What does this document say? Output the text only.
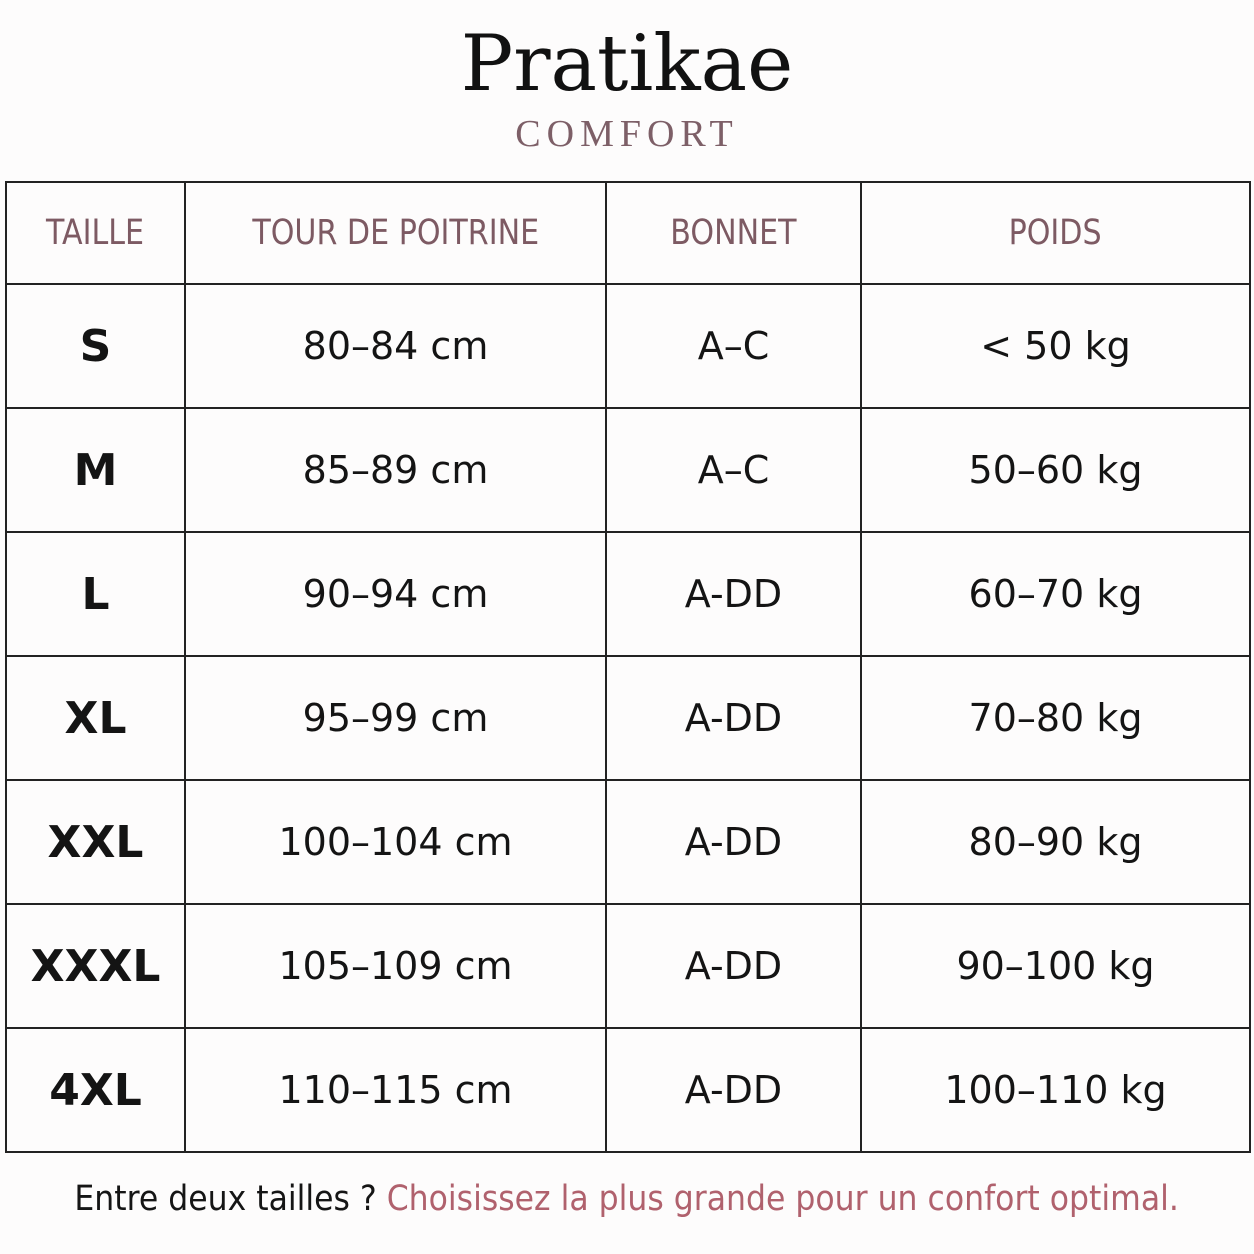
Pratikae
COMFORT
TAILLE	TOUR DE POITRINE	BONNET	POIDS
S	80–84 cm	A–C	< 50 kg
M	85–89 cm	A–C	50–60 kg
L	90–94 cm	A-DD	60–70 kg
XL	95–99 cm	A-DD	70–80 kg
XXL	100–104 cm	A-DD	80–90 kg
XXXL	105–109 cm	A-DD	90–100 kg
4XL	110–115 cm	A-DD	100–110 kg
Entre deux tailles ? Choisissez la plus grande pour un confort optimal.
